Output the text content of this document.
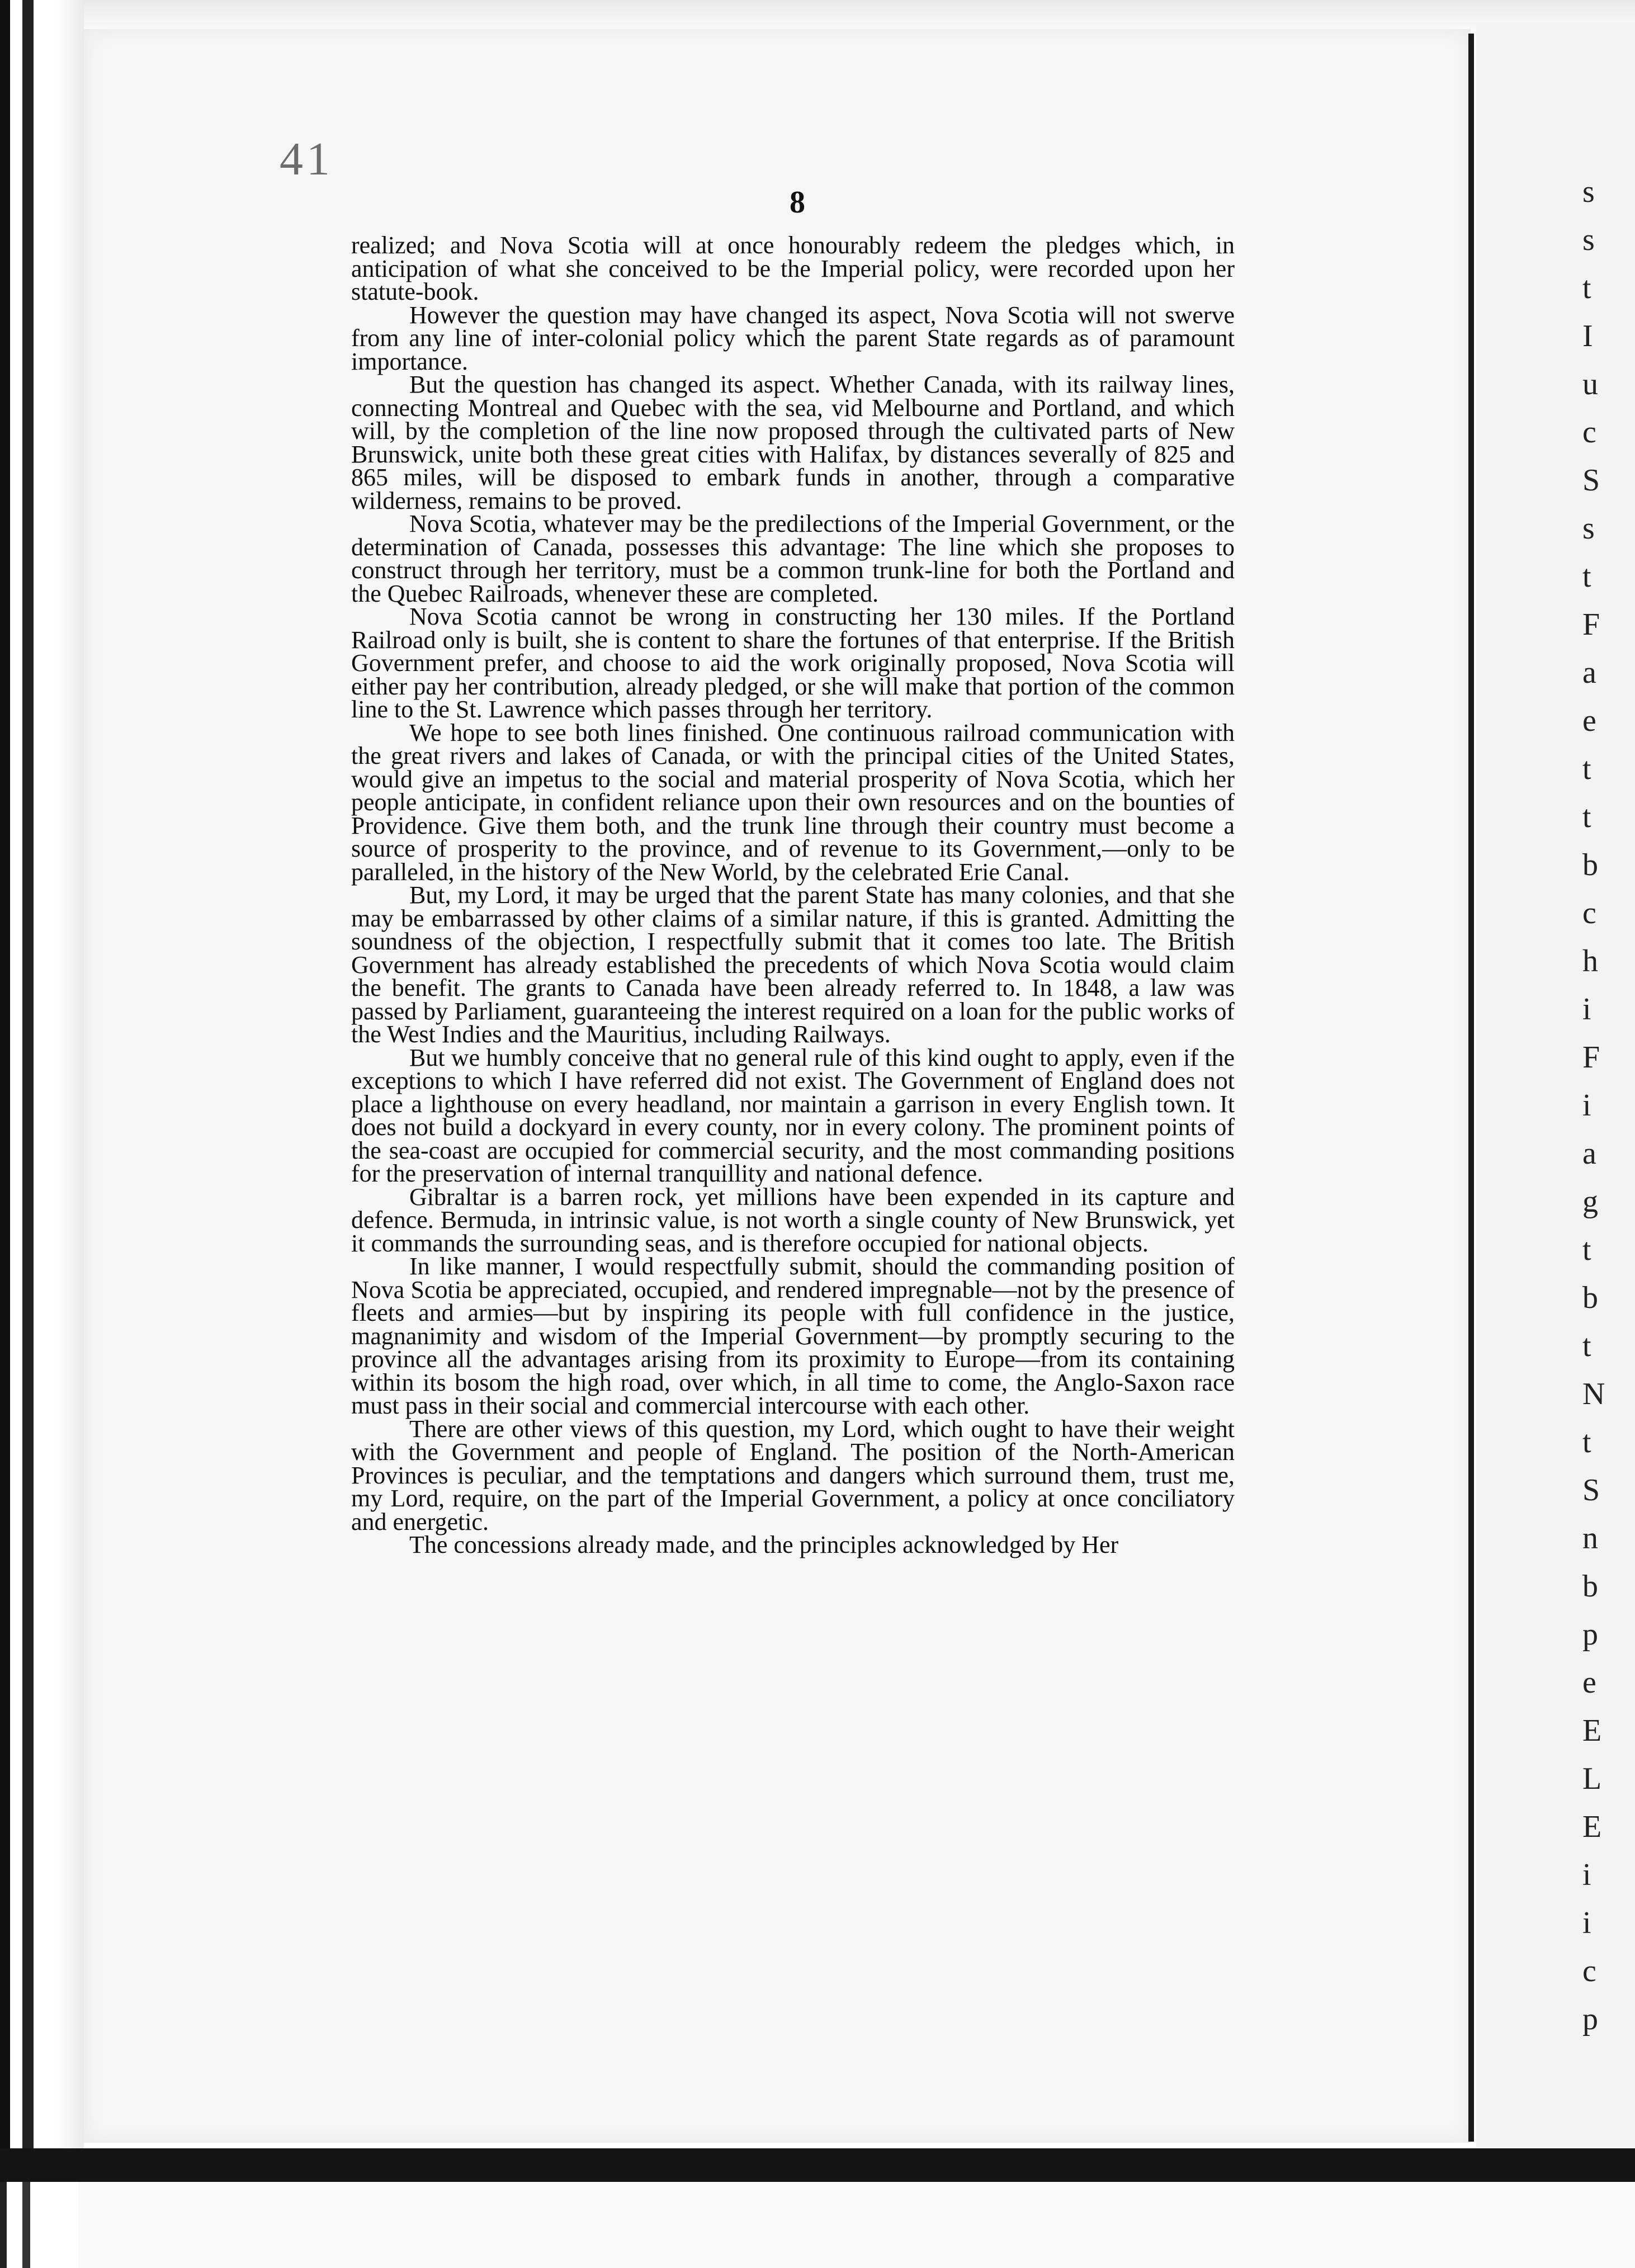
s
s
t
I
u
c
S
s
t
F
a
e
t
t
b
c
h
i
F
i
a
g
t
b
t
N
t
S
n
b
p
e
E
L
E
i
i
c
p
41
8

realized; and Nova Scotia will at once honourably redeem the pledges which, in anticipation of what she conceived to be the Imperial policy, were recorded upon her statute-book.

However the question may have changed its aspect, Nova Scotia will not swerve from any line of inter-colonial policy which the parent State regards as of paramount importance.

But the question has changed its aspect. Whether Canada, with its railway lines, connecting Montreal and Quebec with the sea, vid Melbourne and Portland, and which will, by the completion of the line now proposed through the cultivated parts of New Brunswick, unite both these great cities with Halifax, by distances severally of 825 and 865 miles, will be disposed to embark funds in another, through a comparative wilderness, remains to be proved.

Nova Scotia, whatever may be the predilections of the Imperial Government, or the determination of Canada, possesses this advantage: The line which she proposes to construct through her territory, must be a common trunk-line for both the Portland and the Quebec Railroads, whenever these are completed.

Nova Scotia cannot be wrong in constructing her 130 miles. If the Portland Railroad only is built, she is content to share the fortunes of that enterprise. If the British Government prefer, and choose to aid the work originally proposed, Nova Scotia will either pay her contribution, already pledged, or she will make that portion of the common line to the St. Lawrence which passes through her territory.

We hope to see both lines finished. One continuous railroad communication with the great rivers and lakes of Canada, or with the principal cities of the United States, would give an impetus to the social and material prosperity of Nova Scotia, which her people anticipate, in confident reliance upon their own resources and on the bounties of Providence. Give them both, and the trunk line through their country must become a source of prosperity to the province, and of revenue to its Government,—only to be paralleled, in the history of the New World, by the celebrated Erie Canal.

But, my Lord, it may be urged that the parent State has many colonies, and that she may be embarrassed by other claims of a similar nature, if this is granted. Admitting the soundness of the objection, I respectfully submit that it comes too late. The British Government has already established the precedents of which Nova Scotia would claim the benefit. The grants to Canada have been already referred to. In 1848, a law was passed by Parliament, guaranteeing the interest required on a loan for the public works of the West Indies and the Mauritius, including Railways.

But we humbly conceive that no general rule of this kind ought to apply, even if the exceptions to which I have referred did not exist. The Government of England does not place a lighthouse on every headland, nor maintain a garrison in every English town. It does not build a dockyard in every county, nor in every colony. The prominent points of the sea-coast are occupied for commercial security, and the most commanding positions for the preservation of internal tranquillity and national defence.

Gibraltar is a barren rock, yet millions have been expended in its capture and defence. Bermuda, in intrinsic value, is not worth a single county of New Brunswick, yet it commands the surrounding seas, and is therefore occupied for national objects.

In like manner, I would respectfully submit, should the commanding position of Nova Scotia be appreciated, occupied, and rendered impregnable—not by the presence of fleets and armies—but by inspiring its people with full confidence in the justice, magnanimity and wisdom of the Imperial Government—by promptly securing to the province all the advantages arising from its proximity to Europe—from its containing within its bosom the high road, over which, in all time to come, the Anglo-Saxon race must pass in their social and commercial intercourse with each other.

There are other views of this question, my Lord, which ought to have their weight with the Government and people of England. The position of the North-American Provinces is peculiar, and the temptations and dangers which surround them, trust me, my Lord, require, on the part of the Imperial Government, a policy at once conciliatory and energetic.

The concessions already made, and the principles acknowledged by Her
